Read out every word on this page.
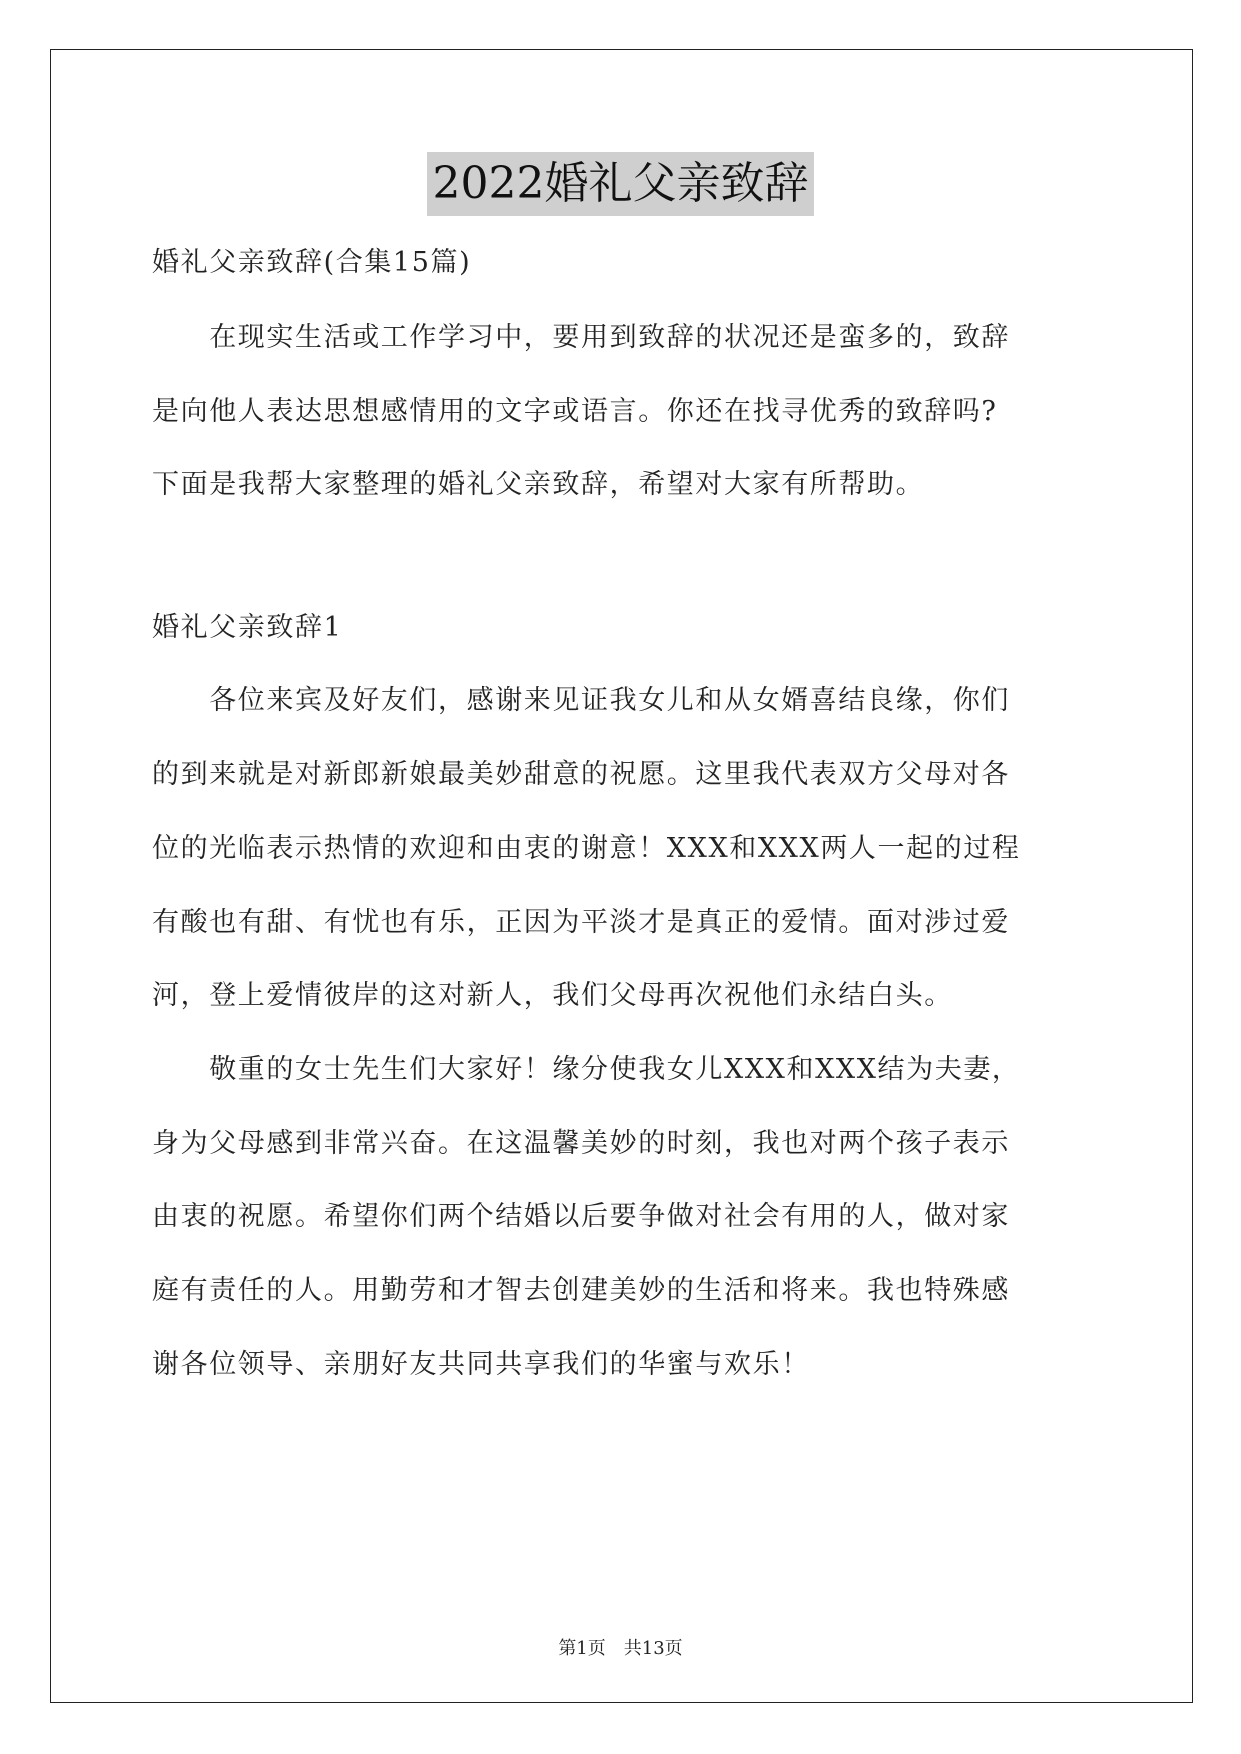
2022婚礼父亲致辞

婚礼父亲致辞(合集15篇)

　　在现实生活或工作学习中，要用到致辞的状况还是蛮多的，致辞

是向他人表达思想感情用的文字或语言。你还在找寻优秀的致辞吗?

下面是我帮大家整理的婚礼父亲致辞，希望对大家有所帮助。

婚礼父亲致辞1

　　各位来宾及好友们，感谢来见证我女儿和从女婿喜结良缘，你们

的到来就是对新郎新娘最美妙甜意的祝愿。这里我代表双方父母对各

位的光临表示热情的欢迎和由衷的谢意！XXX和XXX两人一起的过程

有酸也有甜、有忧也有乐，正因为平淡才是真正的爱情。面对涉过爱

河，登上爱情彼岸的这对新人，我们父母再次祝他们永结白头。

　　敬重的女士先生们大家好！缘分使我女儿XXX和XXX结为夫妻，

身为父母感到非常兴奋。在这温馨美妙的时刻，我也对两个孩子表示

由衷的祝愿。希望你们两个结婚以后要争做对社会有用的人，做对家

庭有责任的人。用勤劳和才智去创建美妙的生活和将来。我也特殊感

谢各位领导、亲朋好友共同共享我们的华蜜与欢乐！

第1页　共13页
